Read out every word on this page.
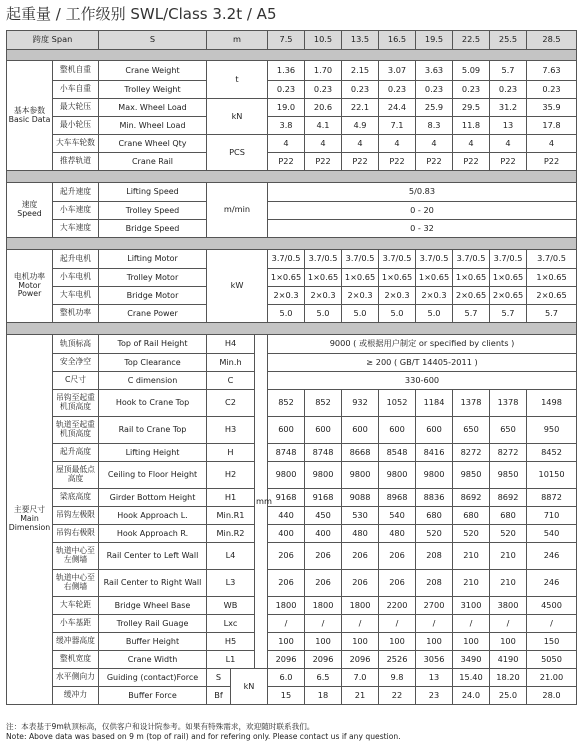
起重量 / 工作级别 SWL/Class 3.2t / A5
跨度 Span		S	m			7.5	10.5	13.5	16.5	19.5	22.5	25.5	28.5

基本参数
Basic Data	整机自重	Crane Weight	t			1.36	1.70	2.15	3.07	3.63	5.09	5.7	7.63
	小车自重	Trolley Weight				0.23	0.23	0.23	0.23	0.23	0.23	0.23	0.23
	最大轮压	Max. Wheel Load	kN			19.0	20.6	22.1	24.4	25.9	29.5	31.2	35.9
	最小轮压	Min. Wheel Load				3.8	4.1	4.9	7.1	8.3	11.8	13	17.8
	大车车轮数	Crane Wheel Qty	PCS			4	4	4	4	4	4	4	4
	推荐轨道	Crane Rail				P22	P22	P22	P22	P22	P22	P22	P22

速度
Speed	起升速度	Lifting Speed	m/min			5/0.83							
	小车速度	Trolley Speed				0 - 20							
	大车速度	Bridge Speed				0 - 32							

电机功率
Motor
Power	起升电机	Lifting Motor	kW			3.7/0.5	3.7/0.5	3.7/0.5	3.7/0.5	3.7/0.5	3.7/0.5	3.7/0.5	3.7/0.5
	小车电机	Trolley Motor				1×0.65	1×0.65	1×0.65	1×0.65	1×0.65	1×0.65	1×0.65	1×0.65
	大车电机	Bridge Motor				2×0.3	2×0.3	2×0.3	2×0.3	2×0.3	2×0.65	2×0.65	2×0.65
	整机功率	Crane Power				5.0	5.0	5.0	5.0	5.0	5.7	5.7	5.7

主要尺寸
Main
Dimension	轨顶标高	Top of Rail Height	H4		mm	9000 ( 或根据用户制定 or specified by clients )							
	安全净空	Top Clearance	Min.h			≥ 200 ( GB/T 14405-2011 )							
	C尺寸	C dimension	C			330-600							
	吊钩至起重机顶高度	Hook to Crane Top	C2			852	852	932	1052	1184	1378	1378	1498
	轨道至起重机顶高度	Rail to Crane Top	H3			600	600	600	600	600	650	650	950
	起升高度	Lifting Height	H			8748	8748	8668	8548	8416	8272	8272	8452
	屋顶最低点高度	Ceiling to Floor Height	H2			9800	9800	9800	9800	9800	9850	9850	10150
	梁底高度	Girder Bottom Height	H1			9168	9168	9088	8968	8836	8692	8692	8872
	吊钩左极限	Hook Approach L.	Min.R1			440	450	530	540	680	680	680	710
	吊钩右极限	Hook Approach R.	Min.R2			400	400	480	480	520	520	520	540
	轨道中心至左侧墙	Rail Center to Left Wall	L4			206	206	206	206	208	210	210	246
	轨道中心至右侧墙	Rail Center to Right Wall	L3			206	206	206	206	208	210	210	246
	大车轮距	Bridge Wheel Base	WB			1800	1800	1800	2200	2700	3100	3800	4500
	小车基距	Trolley Rail Guage	Lxc			/	/	/	/	/	/	/	/
	缓冲器高度	Buffer Height	H5			100	100	100	100	100	100	100	150
	整机宽度	Crane Width	L1			2096	2096	2096	2526	3056	3490	4190	5050
	水平侧向力	Guiding (contact)Force	S	kN		6.0	6.5	7.0	9.8	13	15.40	18.20	21.00
	缓冲力	Buffer Force	Bf			15	18	21	22	23	24.0	25.0	28.0
注：本表基于9m轨顶标高，仅供客户和设计院参考。如果有特殊需求，欢迎随时联系我们。
Note: Above data was based on 9 m (top of rail) and for refering only. Please contact us if any question.
